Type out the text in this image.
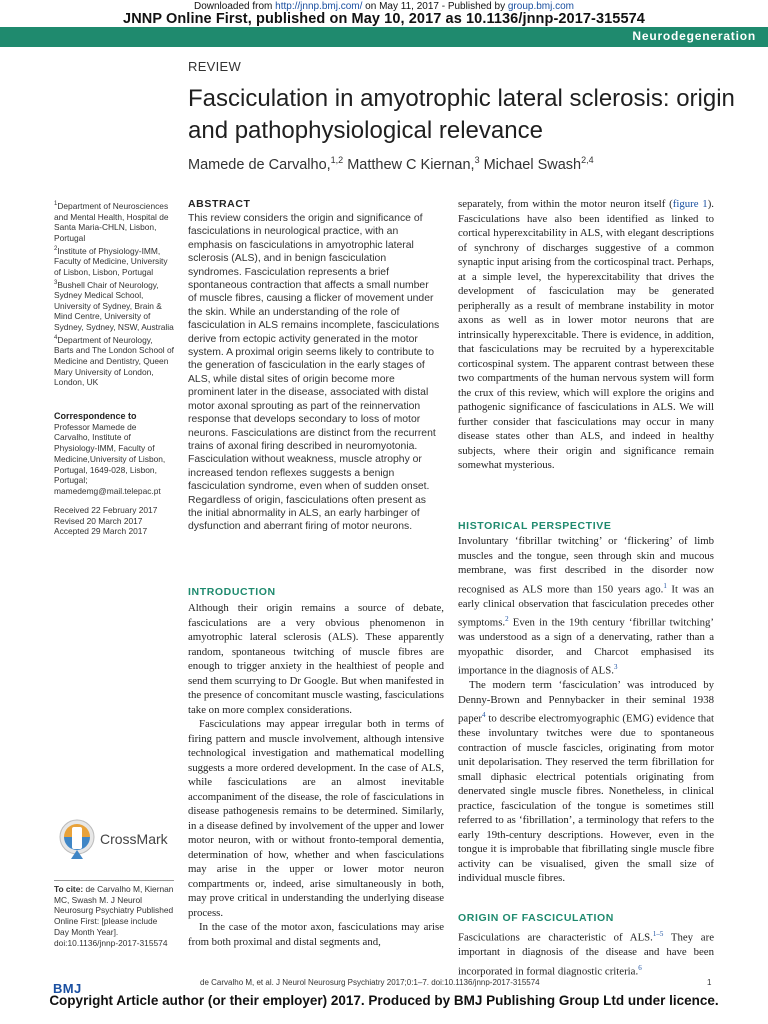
Downloaded from http://jnnp.bmj.com/ on May 11, 2017 - Published by group.bmj.com
JNNP Online First, published on May 10, 2017 as 10.1136/jnnp-2017-315574
Neurodegeneration
REVIEW
Fasciculation in amyotrophic lateral sclerosis: origin and pathophysiological relevance
Mamede de Carvalho,$^{1,2}$ Matthew C Kiernan,$^3$ Michael Swash$^{2,4}$
$^1$Department of Neurosciences and Mental Health, Hospital de Santa Maria-CHLN, Lisbon, Portugal
$^2$Institute of Physiology-IMM, Faculty of Medicine, University of Lisbon, Lisbon, Portugal
$^3$Bushell Chair of Neurology, Sydney Medical School, University of Sydney, Brain & Mind Centre, University of Sydney, Sydney, NSW, Australia
$^4$Department of Neurology, Barts and The London School of Medicine and Dentistry, Queen Mary University of London, London, UK
Correspondence to
Professor Mamede de Carvalho, Institute of Physiology-IMM, Faculty of Medicine,University of Lisbon, Portugal, 1649-028, Lisbon, Portugal; mamedemg@mail.telepac.pt
Received 22 February 2017
Revised 20 March 2017
Accepted 29 March 2017
CrossMark
To cite: de Carvalho M, Kiernan MC, Swash M. J Neurol Neurosurg Psychiatry Published Online First: [please include Day Month Year]. doi:10.1136/jnnp-2017-315574
ABSTRACT
This review considers the origin and significance of fasciculations in neurological practice, with an emphasis on fasciculations in amyotrophic lateral sclerosis (ALS), and in benign fasciculation syndromes. Fasciculation represents a brief spontaneous contraction that affects a small number of muscle fibres, causing a flicker of movement under the skin. While an understanding of the role of fasciculation in ALS remains incomplete, fasciculations derive from ectopic activity generated in the motor system. A proximal origin seems likely to contribute to the generation of fasciculation in the early stages of ALS, while distal sites of origin become more prominent later in the disease, associated with distal motor axonal sprouting as part of the reinnervation response that develops secondary to loss of motor neurons. Fasciculations are distinct from the recurrent trains of axonal firing described in neuromyotonia. Fasciculation without weakness, muscle atrophy or increased tendon reflexes suggests a benign fasciculation syndrome, even when of sudden onset. Regardless of origin, fasciculations often present as the initial abnormality in ALS, an early harbinger of dysfunction and aberrant firing of motor neurons.
INTRODUCTION

Although their origin remains a source of debate, fasciculations are a very obvious phenomenon in amyotrophic lateral sclerosis (ALS). These apparently random, spontaneous twitching of muscle fibres are enough to trigger anxiety in the healthiest of people and send them scurrying to Dr Google. But when manifested in the presence of concomitant muscle wasting, fasciculations take on more complex considerations.

Fasciculations may appear irregular both in terms of firing pattern and muscle involvement, although intensive technological investigation and mathematical modelling suggests a more ordered development. In the case of ALS, while fasciculations are an almost inevitable accompaniment of the disease, the role of fasciculations in disease pathogenesis remains to be determined. Similarly, in a disease defined by involvement of the upper and lower motor neuron, with or without fronto-temporal dementia, determination of how, whether and when fasciculations may arise in the upper or lower motor neuron compartments or, indeed, arise simultaneously in both, may prove critical in understanding the underlying disease process.

In the case of the motor axon, fasciculations may arise from both proximal and distal segments and,

separately, from within the motor neuron itself (figure 1). Fasciculations have also been identified as linked to cortical hyperexcitability in ALS, with elegant descriptions of synchrony of discharges suggestive of a common synaptic input arising from the corticospinal tract. Perhaps, at a simple level, the hyperexcitability that drives the development of fasciculation may be generated peripherally as a result of membrane instability in motor axons as well as in lower motor neurons that are intrinsically hyperexcitable. There is evidence, in addition, that fasciculations may be recruited by a hyperexcitable corticospinal system. The apparent contrast between these two compartments of the human nervous system will form the crux of this review, which will explore the origins and pathogenic significance of fasciculations in ALS. We will further consider that fasciculations may occur in many disease states other than ALS, and indeed in healthy subjects, where their origin and significance remain somewhat mysterious.

HISTORICAL PERSPECTIVE

Involuntary ‘fibrillar twitching’ or ‘flickering’ of limb muscles and the tongue, seen through skin and mucous membrane, was first described in the disorder now recognised as ALS more than 150 years ago.$^1$ It was an early clinical observation that fasciculation precedes other symptoms.$^2$ Even in the 19th century ‘fibrillar twitching’ was understood as a sign of a denervating, rather than a myopathic disorder, and Charcot emphasised its importance in the diagnosis of ALS.$^3$

The modern term ‘fasciculation’ was introduced by Denny-Brown and Pennybacker in their seminal 1938 paper$^4$ to describe electromyographic (EMG) evidence that these involuntary twitches were due to spontaneous contraction of muscle fascicles, originating from motor unit depolarisation. They reserved the term fibrillation for small diphasic electrical potentials originating from denervated single muscle fibres. Nonetheless, in clinical practice, fasciculation of the tongue is sometimes still referred to as ‘fibrillation’, a terminology that refers to the early 19th-century descriptions. However, even in the tongue it is improbable that fibrillating single muscle fibre activity can be visualised, given the small size of individual muscle fibres.

ORIGIN OF FASCICULATION

Fasciculations are characteristic of ALS.$^{1-5}$ They are important in diagnosis of the disease and have been incorporated in formal diagnostic criteria.$^6$

BMJ	de Carvalho M, et al. J Neurol Neurosurg Psychiatry 2017;0:1–7. doi:10.1136/jnnp-2017-315574	1
Copyright Article author (or their employer) 2017. Produced by BMJ Publishing Group Ltd under licence.
